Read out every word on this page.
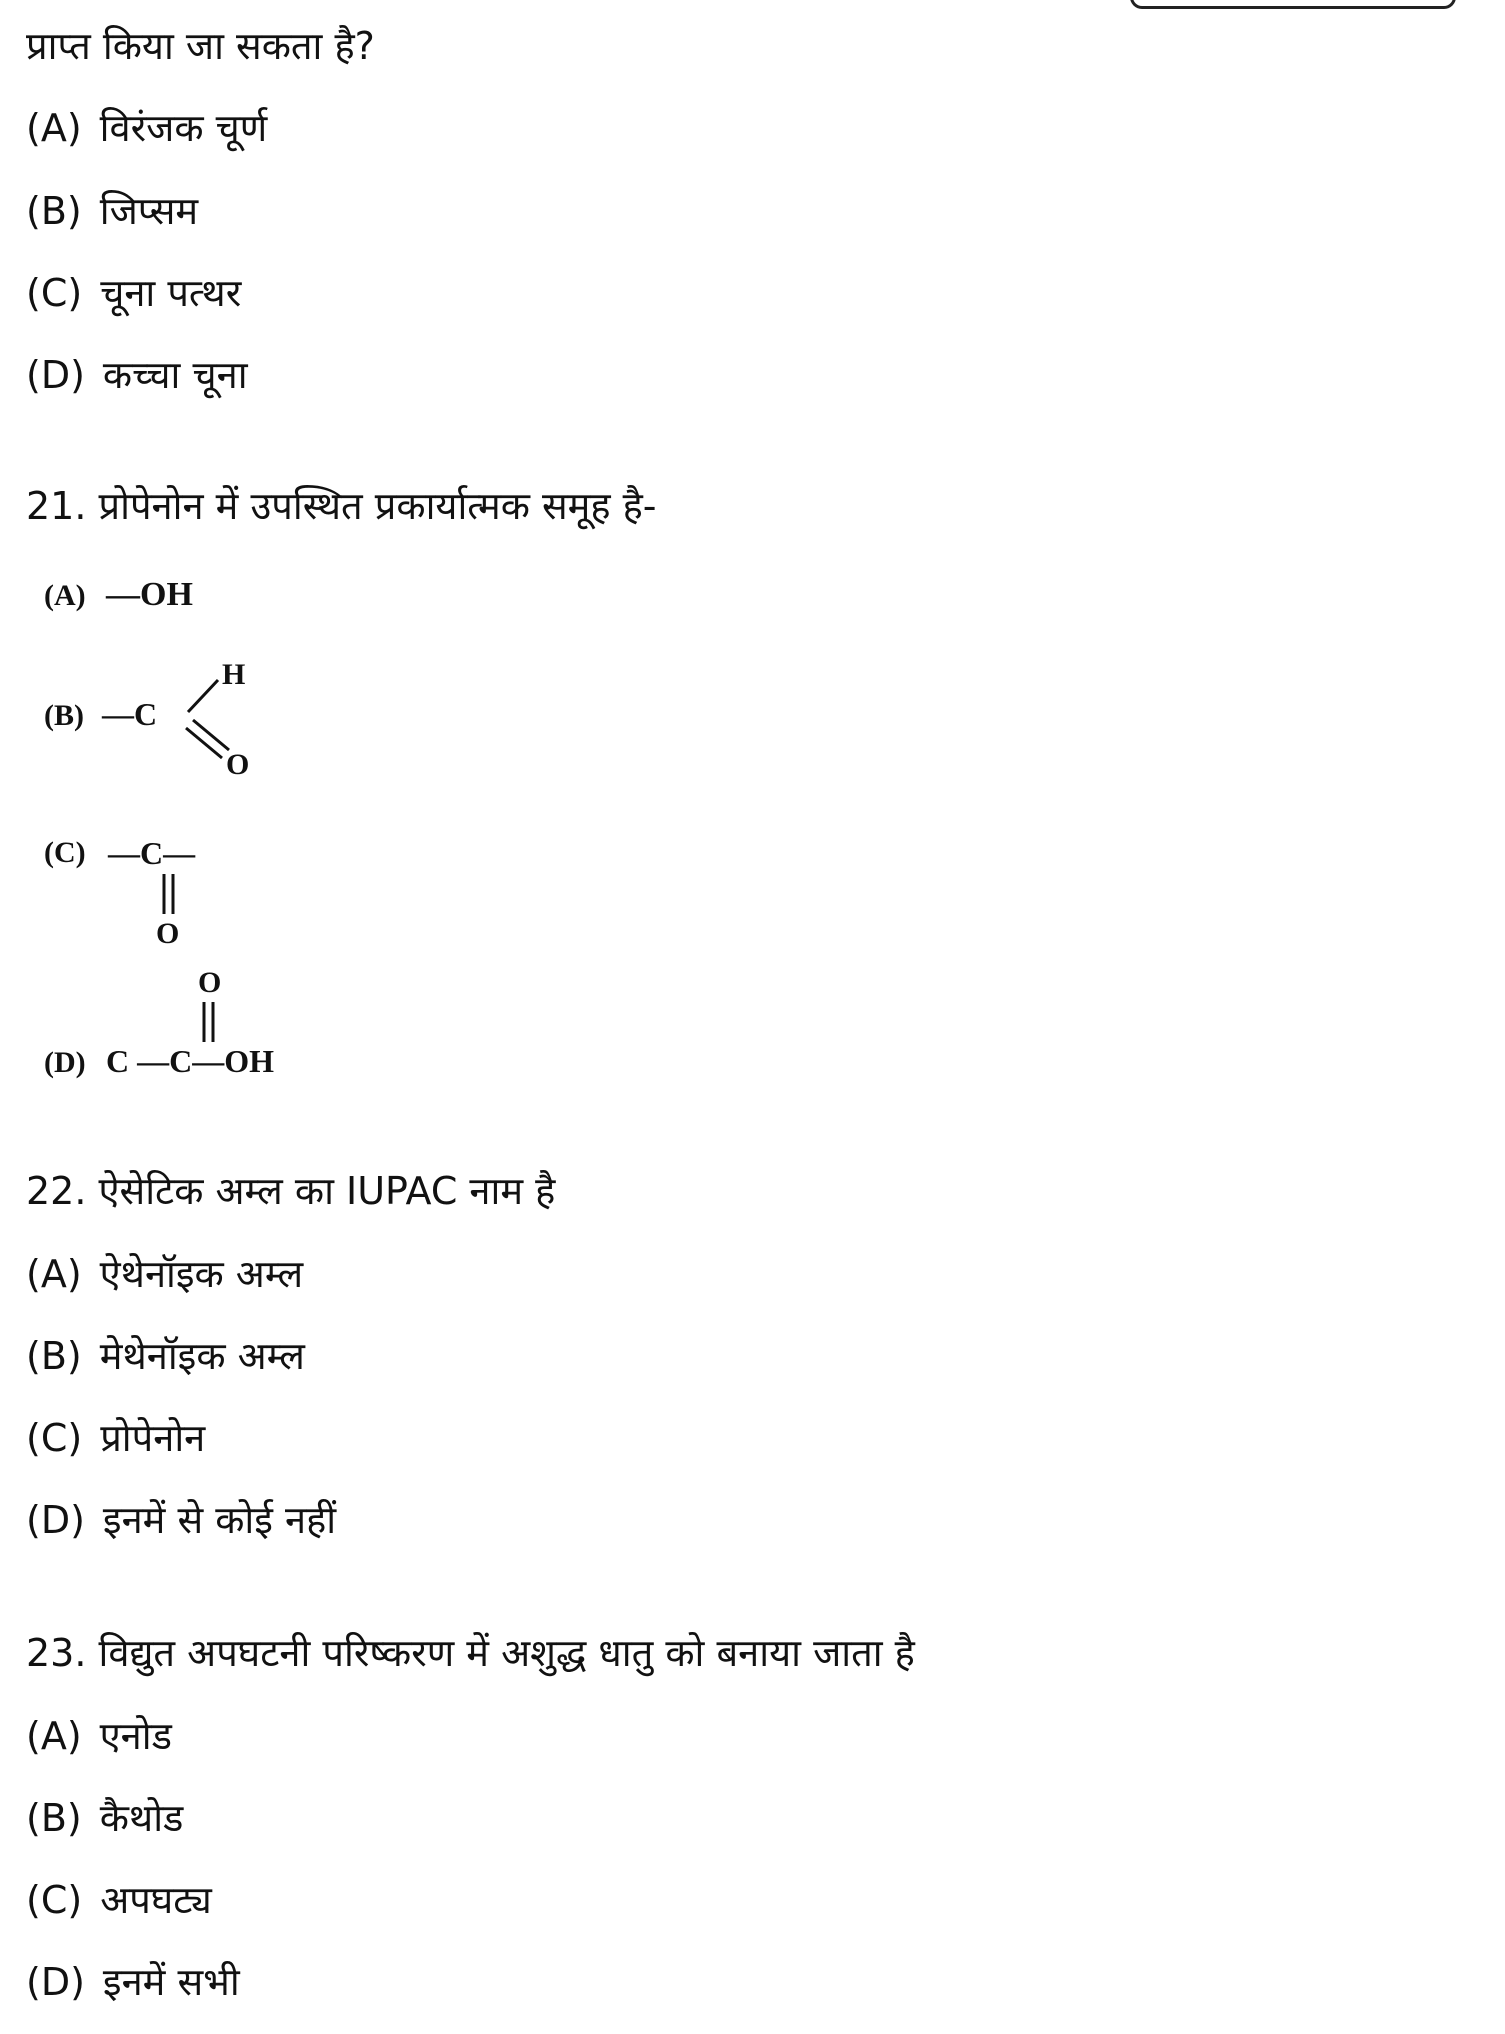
प्राप्त किया जा सकता है?
(A) विरंजक चूर्ण
(B) जिप्सम
(C) चूना पत्थर
(D) कच्चा चूना
21. प्रोपेनोन में उपस्थित प्रकार्यात्मक समूह है-
(A) —OH
(B) —C
H
O
(C) —C—
O
O
(D) C —C—OH
22. ऐसेटिक अम्ल का IUPAC नाम है
(A) ऐथेनॉइक अम्ल
(B) मेथेनॉइक अम्ल
(C) प्रोपेनोन
(D) इनमें से कोई नहीं
23. विद्युत अपघटनी परिष्करण में अशुद्ध धातु को बनाया जाता है
(A) एनोड
(B) कैथोड
(C) अपघट्य
(D) इनमें सभी
